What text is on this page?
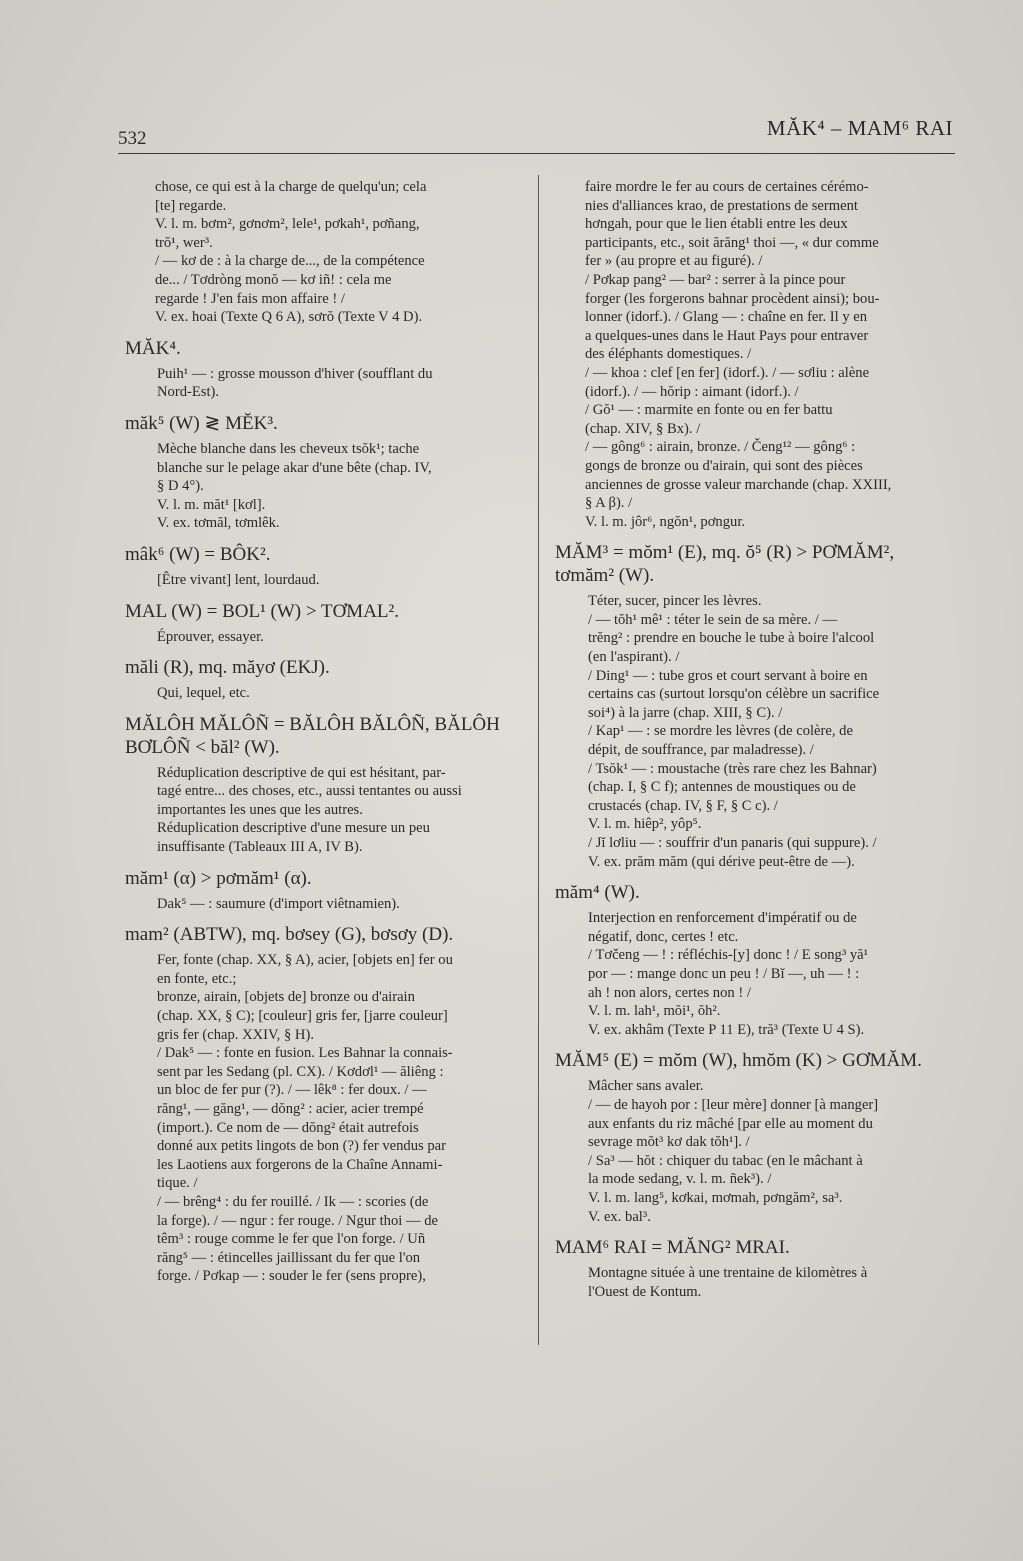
532	MĂK⁴ – MAM⁶ RAI

chose, ce qui est à la charge de quelqu'un; cela

[te] regarde.

V. l. m. bơm², gơnơm², lele¹, pơkah¹, pơñang,

trŏ¹, wer³.

/ — kơ de : à la charge de..., de la compétence

de... / Tơdròng monŏ — kơ iñ! : cela me

regarde ! J'en fais mon affaire ! /

V. ex. hoai (Texte Q 6 A), sơrŏ (Texte V 4 D).

MĂK⁴.

Puih¹ — : grosse mousson d'hiver (soufflant du

Nord-Est).

măk⁵ (W) ≷ MĔK³.

Mèche blanche dans les cheveux tsŏk¹; tache

blanche sur le pelage akar d'une bête (chap. IV,

§ D 4°).

V. l. m. măt¹ [kơl].

V. ex. tơmăl, tơmlêk.

mâk⁶ (W) = BÔK².

[Être vivant] lent, lourdaud.

MAL (W) = BOL¹ (W) > TƠMAL².

Éprouver, essayer.

măli (R), mq. măyơ (EKJ).

Qui, lequel, etc.

MĂLÔH MĂLÔÑ = BĂLÔH BĂLÔÑ, BĂLÔH BƠLÔÑ < băl² (W).

Réduplication descriptive de qui est hésitant, par-

tagé entre... des choses, etc., aussi tentantes ou aussi

importantes les unes que les autres.

Réduplication descriptive d'une mesure un peu

insuffisante (Tableaux III A, IV B).

măm¹ (α) > pơmăm¹ (α).

Dak⁵ — : saumure (d'import viêtnamien).

mam² (ABTW), mq. bơsey (G), bơsơy (D).

Fer, fonte (chap. XX, § A), acier, [objets en] fer ou

en fonte, etc.;

bronze, airain, [objets de] bronze ou d'airain

(chap. XX, § C); [couleur] gris fer, [jarre couleur]

gris fer (chap. XXIV, § H).

/ Dak⁵ — : fonte en fusion. Les Bahnar la connais-

sent par les Sedang (pl. CX). / Kơdơl¹ — ăliêng :

un bloc de fer pur (?). / — lêk⁸ : fer doux. / —

răng¹, — găng¹, — dŏng² : acier, acier trempé

(import.). Ce nom de — dŏng² était autrefois

donné aux petits lingots de bon (?) fer vendus par

les Laotiens aux forgerons de la Chaîne Annami-

tique. /

/ — brêng⁴ : du fer rouillé. / Ik — : scories (de

la forge). / — ngur : fer rouge. / Ngur thoi — de

têm³ : rouge comme le fer que l'on forge. / Uñ

răng⁵ — : étincelles jaillissant du fer que l'on

forge. / Pơkap — : souder le fer (sens propre),

faire mordre le fer au cours de certaines cérémo-

nies d'alliances krao, de prestations de serment

hơngah, pour que le lien établi entre les deux

participants, etc., soit ărăng¹ thoi —, « dur comme

fer » (au propre et au figuré). /

/ Pơkap pang² — bar² : serrer à la pince pour

forger (les forgerons bahnar procèdent ainsi); bou-

lonner (idorf.). / Glang — : chaîne en fer. Il y en

a quelques-unes dans le Haut Pays pour entraver

des éléphants domestiques. /

/ — khoa : clef [en fer] (idorf.). / — sơliu : alène

(idorf.). / — hŏrip : aimant (idorf.). /

/ Gŏ¹ — : marmite en fonte ou en fer battu

(chap. XIV, § Bx). /

/ — gông⁶ : airain, bronze. / Čeng¹² — gông⁶ :

gongs de bronze ou d'airain, qui sont des pièces

anciennes de grosse valeur marchande (chap. XXIII,

§ A β). /

V. l. m. jôr⁶, ngŏn¹, pơngur.

MĂM³ = mŏm¹ (E), mq. ŏ⁵ (R) > PƠMĂM², tơmăm² (W).

Téter, sucer, pincer les lèvres.

/ — tŏh¹ mê¹ : téter le sein de sa mère. / —

trĕng² : prendre en bouche le tube à boire l'alcool

(en l'aspirant). /

/ Ding¹ — : tube gros et court servant à boire en

certains cas (surtout lorsqu'on célèbre un sacrifice

soi⁴) à la jarre (chap. XIII, § C). /

/ Kap¹ — : se mordre les lèvres (de colère, de

dépit, de souffrance, par maladresse). /

/ Tsŏk¹ — : moustache (très rare chez les Bahnar)

(chap. I, § C f); antennes de moustiques ou de

crustacés (chap. IV, § F, § C c). /

V. l. m. hiêp², yôp⁵.

/ Jĭ lơliu — : souffrir d'un panaris (qui suppure). /

V. ex. prăm măm (qui dérive peut-être de —).

măm⁴ (W).

Interjection en renforcement d'impératif ou de

négatif, donc, certes ! etc.

/ Tơčeng — ! : réfléchis-[y] donc ! / E song³ yă¹

por — : mange donc un peu ! / Bĭ —, uh — ! :

ah ! non alors, certes non ! /

V. l. m. lah¹, mŏi¹, ŏh².

V. ex. akhâm (Texte P 11 E), tră³ (Texte U 4 S).

MĂM⁵ (E) = mŏm (W), hmŏm (K) > GƠMĂM.

Mâcher sans avaler.

/ — de hayoh por : [leur mère] donner [à manger]

aux enfants du riz mâché [par elle au moment du

sevrage mŏt³ kơ dak tŏh¹]. /

/ Sa³ — hŏt : chiquer du tabac (en le mâchant à

la mode sedang, v. l. m. ñek³). /

V. l. m. lang⁵, kơkai, mơmah, pơngăm², sa³.

V. ex. bal³.

MAM⁶ RAI = MĂNG² MRAI.

Montagne située à une trentaine de kilomètres à

l'Ouest de Kontum.
